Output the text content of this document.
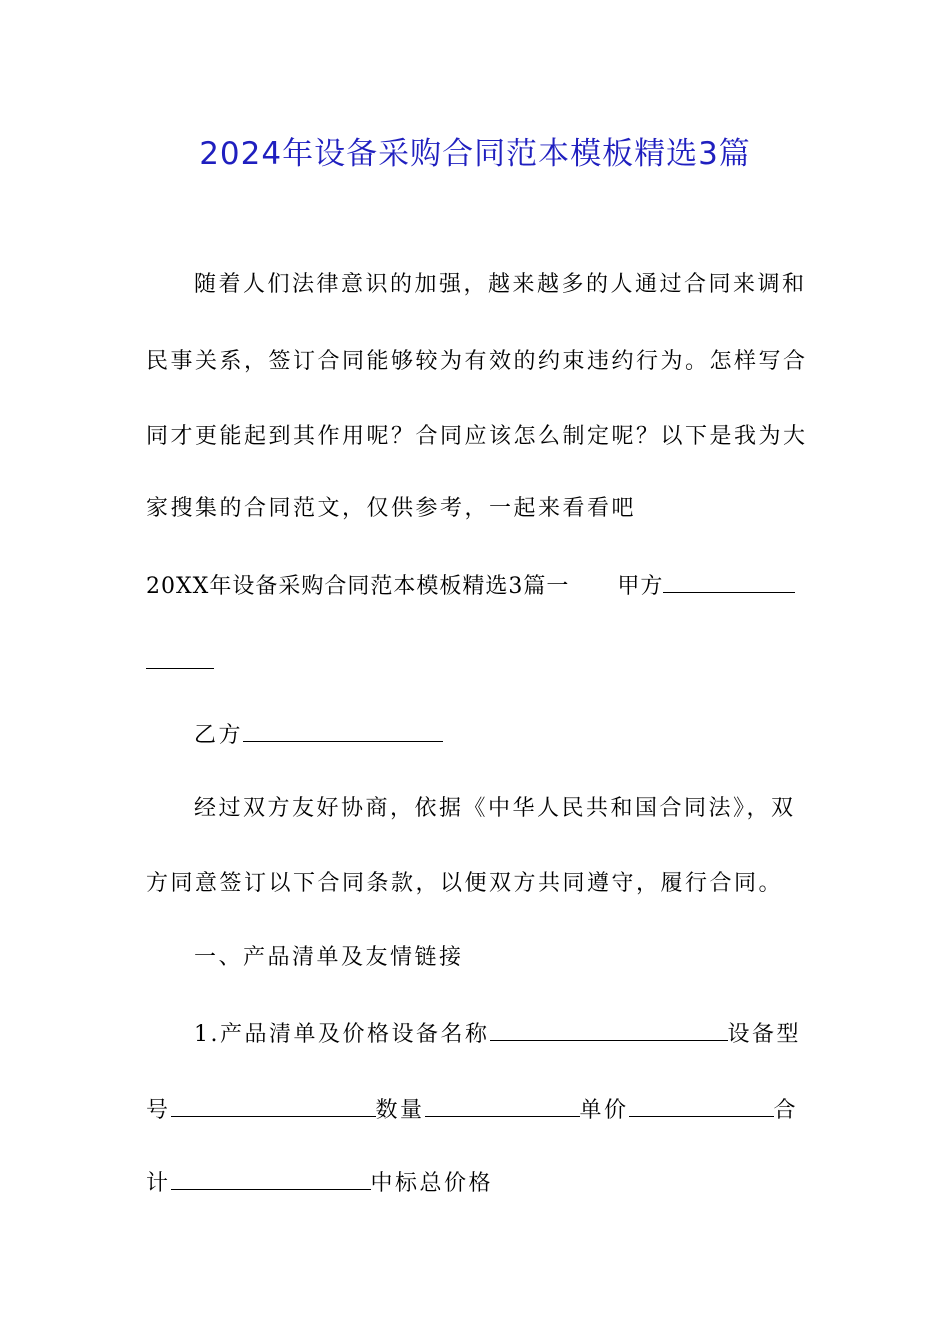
2024年设备采购合同范本模板精选3篇
随着人们法律意识的加强，越来越多的人通过合同来调和
民事关系，签订合同能够较为有效的约束违约行为。怎样写合
同才更能起到其作用呢？合同应该怎么制定呢？以下是我为大
家搜集的合同范文，仅供参考，一起来看看吧
20XX年设备采购合同范本模板精选3篇一 甲方
乙方
经过双方友好协商，依据《中华人民共和国合同法》，双
方同意签订以下合同条款，以便双方共同遵守，履行合同。
一、产品清单及友情链接
1.产品清单及价格设备名称	设备型
号	数量	单价	合
计	中标总价格
